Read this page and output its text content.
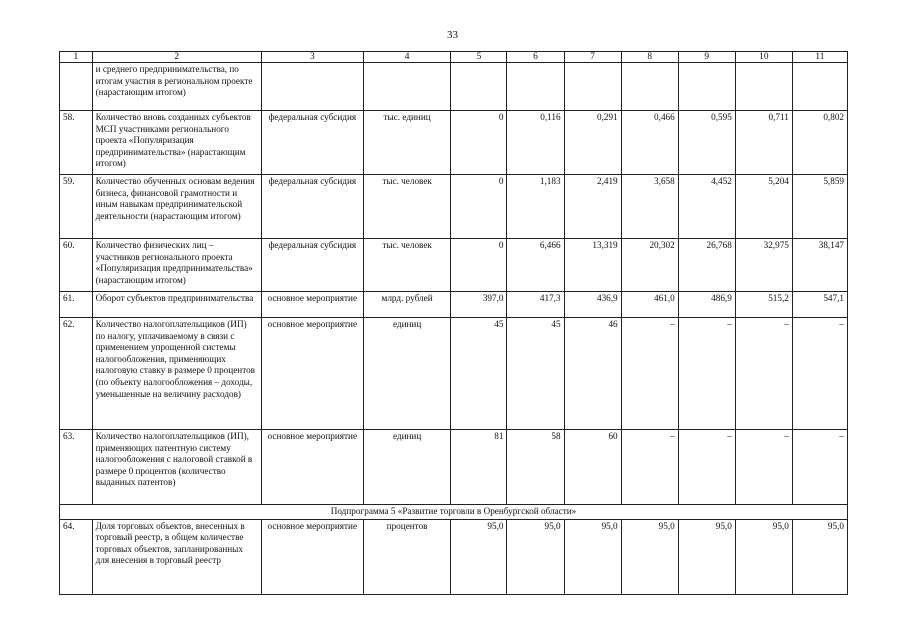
33
1	2	3	4	5	6	7	8	9	10	11
	и среднего предпринимательства, по итогам участия в региональном проекте (нарастающим итогом)									
58.	Количество вновь созданных субъектов МСП участниками регионального проекта «Популяризация предпринимательства» (нарастающим итогом)	федеральная субсидия	тыс. единиц	0	0,116	0,291	0,466	0,595	0,711	0,802
59.	Количество обученных основам ведения бизнеса, финансовой грамотности и иным навыкам предпринимательской деятельности (нарастающим итогом)	федеральная субсидия	тыс. человек	0	1,183	2,419	3,658	4,452	5,204	5,859
60.	Количество физических лиц – участников регионального проекта «Популяризация предпринимательства» (нарастающим итогом)	федеральная субсидия	тыс. человек	0	6,466	13,319	20,302	26,768	32,975	38,147
61.	Оборот субъектов предпринимательства	основное мероприятие	млрд. рублей	397,0	417,3	436,9	461,0	486,9	515,2	547,1
62.	Количество налогоплательщиков (ИП) по налогу, уплачиваемому в связи с применением упрощенной системы налогообложения, применяющих налоговую ставку в размере 0 процентов (по объекту налогообложения – доходы, уменьшенные на величину расходов)	основное мероприятие	единиц	45	45	46	–	–	–	–
63.	Количество налогоплательщиков (ИП), применяющих патентную систему налогообложения с налоговой ставкой в размере 0 процентов (количество выданных патентов)	основное мероприятие	единиц	81	58	60	–	–	–	–
Подпрограмма 5 «Развитие торговли в Оренбургской области»										
64.	Доля торговых объектов, внесенных в торговый реестр, в общем количестве торговых объектов, запланированных для внесения в торговый реестр	основное мероприятие	процентов	95,0	95,0	95,0	95,0	95,0	95,0	95,0
